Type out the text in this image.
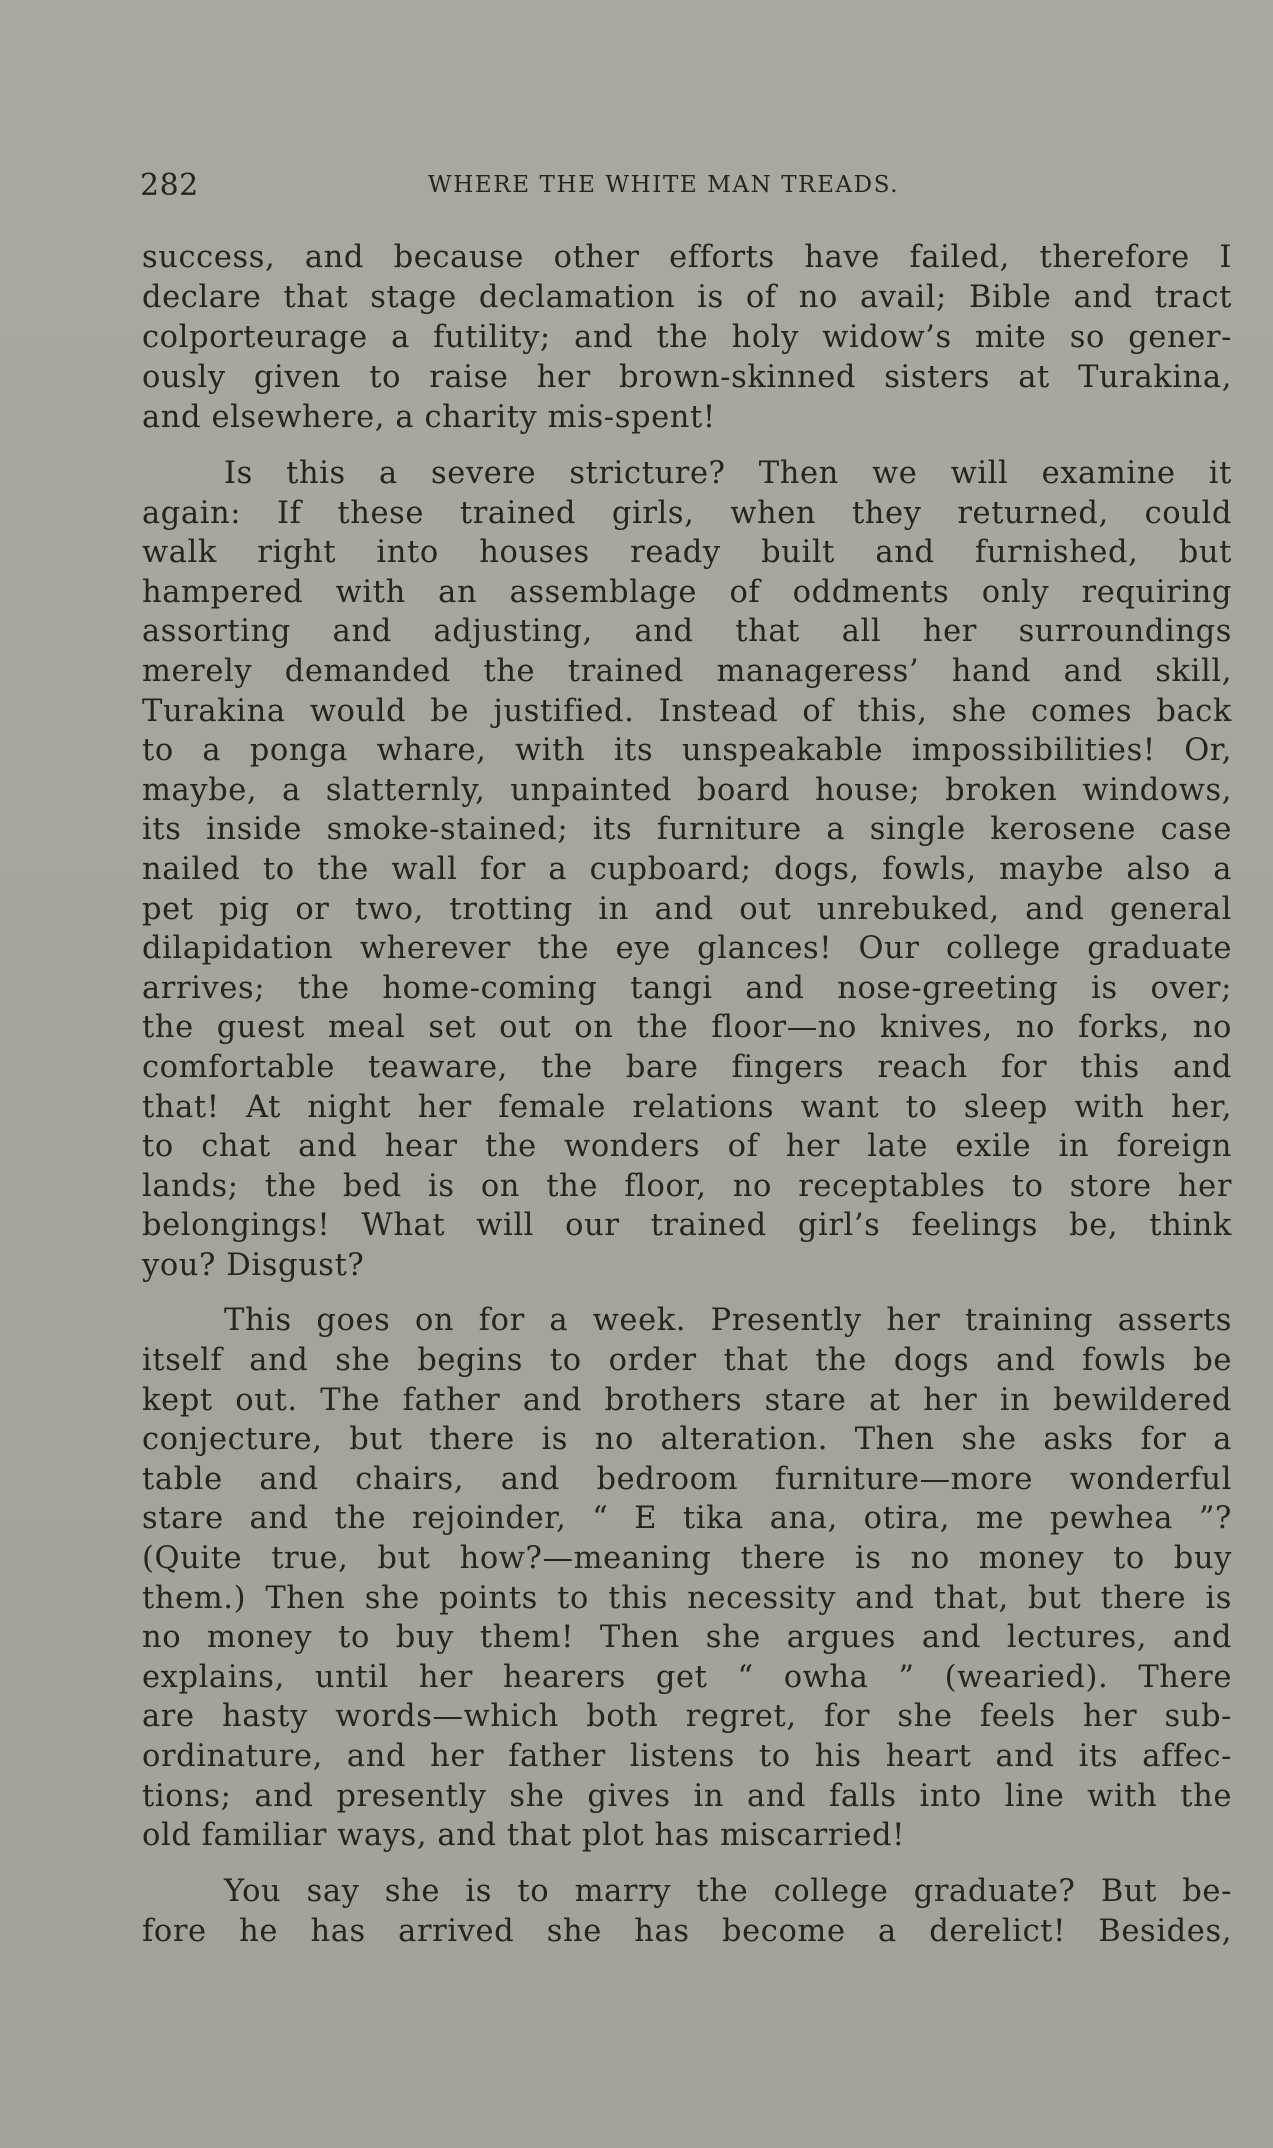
282	WHERE THE WHITE MAN TREADS.
success, and because other efforts have failed, therefore I
declare that stage declamation is of no avail; Bible and tract
colporteurage a futility; and the holy widow’s mite so gener-
ously given to raise her brown-skinned sisters at Turakina,
and elsewhere, a charity mis-spent!
Is this a severe stricture? Then we will examine it
again: If these trained girls, when they returned, could
walk right into houses ready built and furnished, but
hampered with an assemblage of oddments only requiring
assorting and adjusting, and that all her surroundings
merely demanded the trained manageress’ hand and skill,
Turakina would be justified. Instead of this, she comes back
to a ponga whare, with its unspeakable impossibilities! Or,
maybe, a slatternly, unpainted board house; broken windows,
its inside smoke-stained; its furniture a single kerosene case
nailed to the wall for a cupboard; dogs, fowls, maybe also a
pet pig or two, trotting in and out unrebuked, and general
dilapidation wherever the eye glances! Our college graduate
arrives; the home-coming tangi and nose-greeting is over;
the guest meal set out on the floor—no knives, no forks, no
comfortable teaware, the bare fingers reach for this and
that! At night her female relations want to sleep with her,
to chat and hear the wonders of her late exile in foreign
lands; the bed is on the floor, no receptables to store her
belongings! What will our trained girl’s feelings be, think
you? Disgust?
This goes on for a week. Presently her training asserts
itself and she begins to order that the dogs and fowls be
kept out. The father and brothers stare at her in bewildered
conjecture, but there is no alteration. Then she asks for a
table and chairs, and bedroom furniture—more wonderful
stare and the rejoinder, “ E tika ana, otira, me pewhea ”?
(Quite true, but how?—meaning there is no money to buy
them.) Then she points to this necessity and that, but there is
no money to buy them! Then she argues and lectures, and
explains, until her hearers get “ owha ” (wearied). There
are hasty words—which both regret, for she feels her sub-
ordinature, and her father listens to his heart and its affec-
tions; and presently she gives in and falls into line with the
old familiar ways, and that plot has miscarried!
You say she is to marry the college graduate? But be-
fore he has arrived she has become a derelict! Besides,
